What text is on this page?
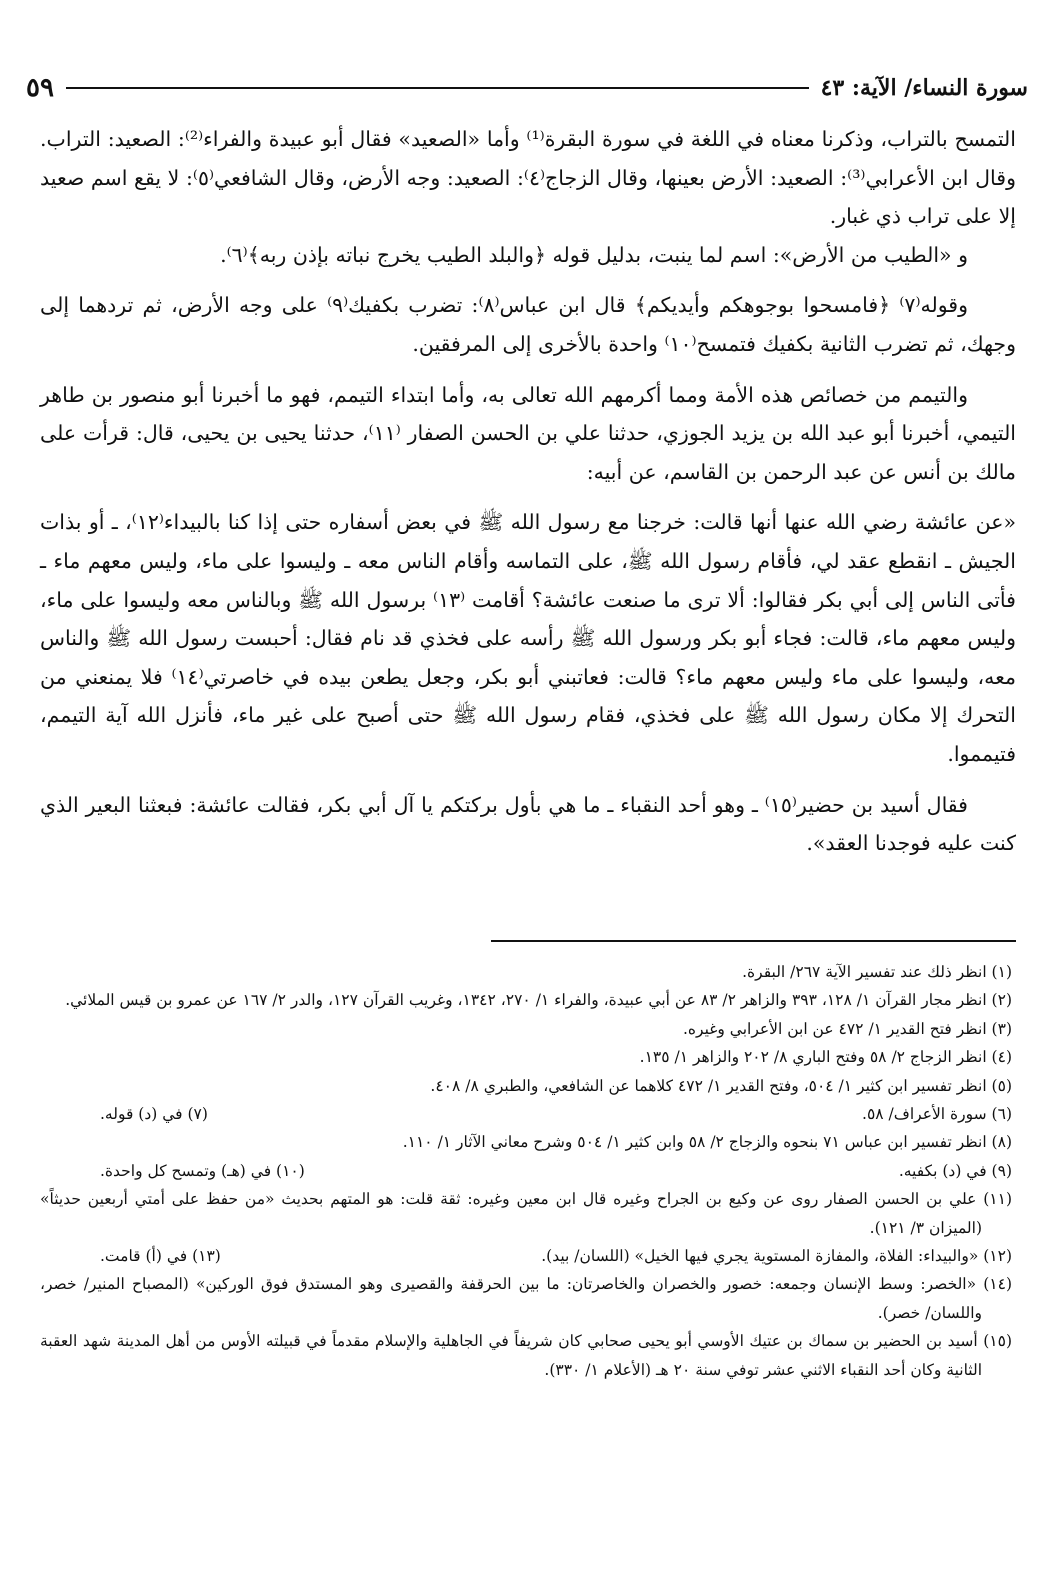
سورة النساء/ الآية: ٤٣
٥٩

التمسح بالتراب، وذكرنا معناه في اللغة في سورة البقرة⁽¹⁾ وأما «الصعيد» فقال أبو عبيدة والفراء⁽²⁾: الصعيد: التراب. وقال ابن الأعرابي⁽³⁾: الصعيد: الأرض بعينها، وقال الزجاج⁽٤⁾: الصعيد: وجه الأرض، وقال الشافعي⁽٥⁾: لا يقع اسم صعيد إلا على تراب ذي غبار.

و «الطيب من الأرض»: اسم لما ينبت، بدليل قوله ﴿والبلد الطيب يخرج نباته بإذن ربه﴾⁽٦⁾.

وقوله⁽٧⁾ ﴿فامسحوا بوجوهكم وأيديكم﴾ قال ابن عباس⁽٨⁾: تضرب بكفيك⁽٩⁾ على وجه الأرض، ثم تردهما إلى وجهك، ثم تضرب الثانية بكفيك فتمسح⁽١٠⁾ واحدة بالأخرى إلى المرفقين.

والتيمم من خصائص هذه الأمة ومما أكرمهم الله تعالى به، وأما ابتداء التيمم، فهو ما أخبرنا أبو منصور بن طاهر التيمي، أخبرنا أبو عبد الله بن يزيد الجوزي، حدثنا علي بن الحسن الصفار ⁽١١⁾، حدثنا يحيى بن يحيى، قال: قرأت على مالك بن أنس عن عبد الرحمن بن القاسم، عن أبيه:

«عن عائشة رضي الله عنها أنها قالت: خرجنا مع رسول الله ﷺ في بعض أسفاره حتى إذا كنا بالبيداء⁽١٢⁾، ـ أو بذات الجيش ـ انقطع عقد لي، فأقام رسول الله ﷺ، على التماسه وأقام الناس معه ـ وليسوا على ماء، وليس معهم ماء ـ فأتى الناس إلى أبي بكر فقالوا: ألا ترى ما صنعت عائشة؟ أقامت ⁽١٣⁾ برسول الله ﷺ وبالناس معه وليسوا على ماء، وليس معهم ماء، قالت: فجاء أبو بكر ورسول الله ﷺ رأسه على فخذي قد نام فقال: أحبست رسول الله ﷺ والناس معه، وليسوا على ماء وليس معهم ماء؟ قالت: فعاتبني أبو بكر، وجعل يطعن بيده في خاصرتي⁽١٤⁾ فلا يمنعني من التحرك إلا مكان رسول الله ﷺ على فخذي، فقام رسول الله ﷺ حتى أصبح على غير ماء، فأنزل الله آية التيمم، فتيمموا.

فقال أسيد بن حضير⁽١٥⁾ ـ وهو أحد النقباء ـ ما هي بأول بركتكم يا آل أبي بكر، فقالت عائشة: فبعثنا البعير الذي كنت عليه فوجدنا العقد».

(١) انظر ذلك عند تفسير الآية ٢٦٧/ البقرة.

(٢) انظر مجار القرآن ١/ ١٢٨، ٣٩٣ والزاهر ٢/ ٨٣ عن أبي عبيدة، والفراء ١/ ٢٧٠، ١٣٤٢، وغريب القرآن ١٢٧، والدر ٢/ ١٦٧ عن عمرو بن قيس الملائي.

(٣) انظر فتح القدير ١/ ٤٧٢ عن ابن الأعرابي وغيره.

(٤) انظر الزجاج ٢/ ٥٨ وفتح الباري ٨/ ٢٠٢ والزاهر ١/ ١٣٥.

(٥) انظر تفسير ابن كثير ١/ ٥٠٤، وفتح القدير ١/ ٤٧٢ كلاهما عن الشافعي، والطبري ٨/ ٤٠٨.

(٦) سورة الأعراف/ ٥٨.

(٧) في (د) قوله.

(٨) انظر تفسير ابن عباس ٧١ بنحوه والزجاج ٢/ ٥٨ وابن كثير ١/ ٥٠٤ وشرح معاني الآثار ١/ ١١٠.

(٩) في (د) بكفيه.

(١٠) في (هـ) وتمسح كل واحدة.

(١١) علي بن الحسن الصفار روى عن وكيع بن الجراح وغيره قال ابن معين وغيره: ثقة قلت: هو المتهم بحديث «من حفظ على أمتي أربعين حديثاً» (الميزان ٣/ ١٢١).

(١٢) «والبيداء: الفلاة، والمفازة المستوية يجري فيها الخيل» (اللسان/ بيد).

(١٣) في (أ) قامت.

(١٤) «الخصر: وسط الإنسان وجمعه: خصور والخصران والخاصرتان: ما بين الحرقفة والقصيرى وهو المستدق فوق الوركين» (المصباح المنير/ خصر، واللسان/ خصر).

(١٥) أسيد بن الحضير بن سماك بن عتيك الأوسي أبو يحيى صحابي كان شريفاً في الجاهلية والإسلام مقدماً في قبيلته الأوس من أهل المدينة شهد العقبة الثانية وكان أحد النقباء الاثني عشر توفي سنة ٢٠ هـ (الأعلام ١/ ٣٣٠).
